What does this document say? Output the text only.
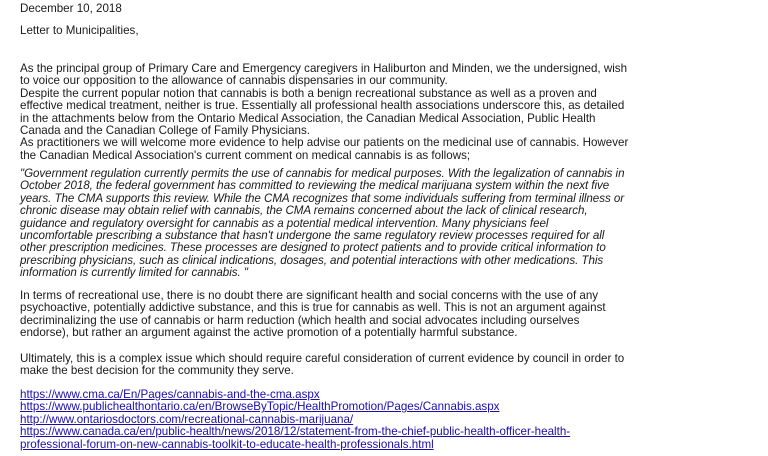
December 10, 2018

Letter to Municipalities,

As the principal group of Primary Care and Emergency caregivers in Haliburton and Minden, we the undersigned, wish

to voice our opposition to the allowance of cannabis dispensaries in our community.

Despite the current popular notion that cannabis is both a benign recreational substance as well as a proven and

effective medical treatment, neither is true. Essentially all professional health associations underscore this, as detailed

in the attachments below from the Ontario Medical Association, the Canadian Medical Association, Public Health

Canada and the Canadian College of Family Physicians.

As practitioners we will welcome more evidence to help advise our patients on the medicinal use of cannabis. However

the Canadian Medical Association's current comment on medical cannabis is as follows;

"Government regulation currently permits the use of cannabis for medical purposes. With the legalization of cannabis in

October 2018, the federal government has committed to reviewing the medical marijuana system within the next five

years. The CMA supports this review. While the CMA recognizes that some individuals suffering from terminal illness or

chronic disease may obtain relief with cannabis, the CMA remains concerned about the lack of clinical research,

guidance and regulatory oversight for cannabis as a potential medical intervention. Many physicians feel

uncomfortable prescribing a substance that hasn't undergone the same regulatory review processes required for all

other prescription medicines. These processes are designed to protect patients and to provide critical information to

prescribing physicians, such as clinical indications, dosages, and potential interactions with other medications. This

information is currently limited for cannabis. "

In terms of recreational use, there is no doubt there are significant health and social concerns with the use of any

psychoactive, potentially addictive substance, and this is true for cannabis as well. This is not an argument against

decriminalizing the use of cannabis or harm reduction (which health and social advocates including ourselves

endorse), but rather an argument against the active promotion of a potentially harmful substance.

Ultimately, this is a complex issue which should require careful consideration of current evidence by council in order to

make the best decision for the community they serve.

https://www.cma.ca/En/Pages/cannabis-and-the-cma.aspx
https://www.publichealthontario.ca/en/BrowseByTopic/HealthPromotion/Pages/Cannabis.aspx
http://www.ontariosdoctors.com/recreational-cannabis-marijuana/
https://www.canada.ca/en/public-health/news/2018/12/statement-from-the-chief-public-health-officer-health-
professional-forum-on-new-cannabis-toolkit-to-educate-health-professionals.html
